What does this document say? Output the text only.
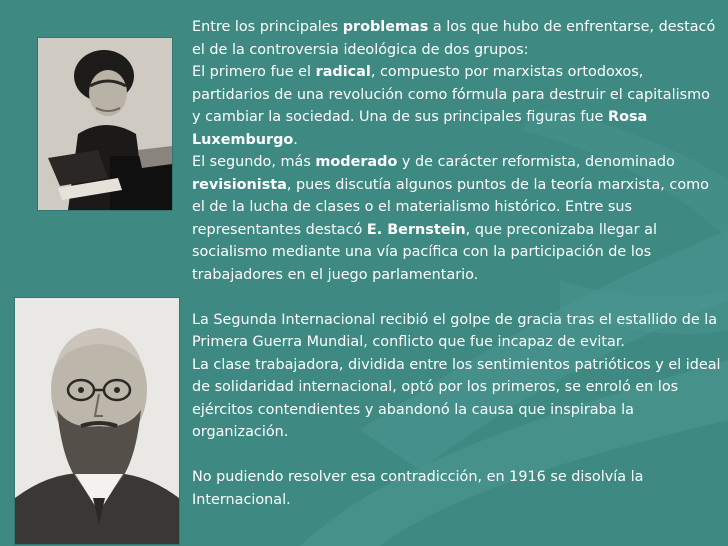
Entre los principales problemas a los que hubo de enfrentarse, destacó el de la controversia ideológica de dos grupos:

El primero fue el radical, compuesto por marxistas ortodoxos, partidarios de una revolución como fórmula para destruir el capitalismo y cambiar la sociedad. Una de sus principales figuras fue Rosa Luxemburgo.

El segundo, más moderado y de carácter reformista, denominado revisionista, pues discutía algunos puntos de la teoría marxista, como el de la lucha de clases o el materialismo histórico. Entre sus representantes destacó E. Bernstein, que preconizaba llegar al socialismo mediante una vía pacífica con la participación de los trabajadores en el juego parlamentario.

La Segunda Internacional recibió el golpe de gracia tras el estallido de la Primera Guerra Mundial, conflicto que fue incapaz de evitar.

La clase trabajadora, dividida entre los sentimientos patrióticos y el ideal de solidaridad internacional, optó por los primeros, se enroló en los ejércitos contendientes y abandonó la causa que inspiraba la organización.

No pudiendo resolver esa contradicción, en 1916 se disolvía la Internacional.
